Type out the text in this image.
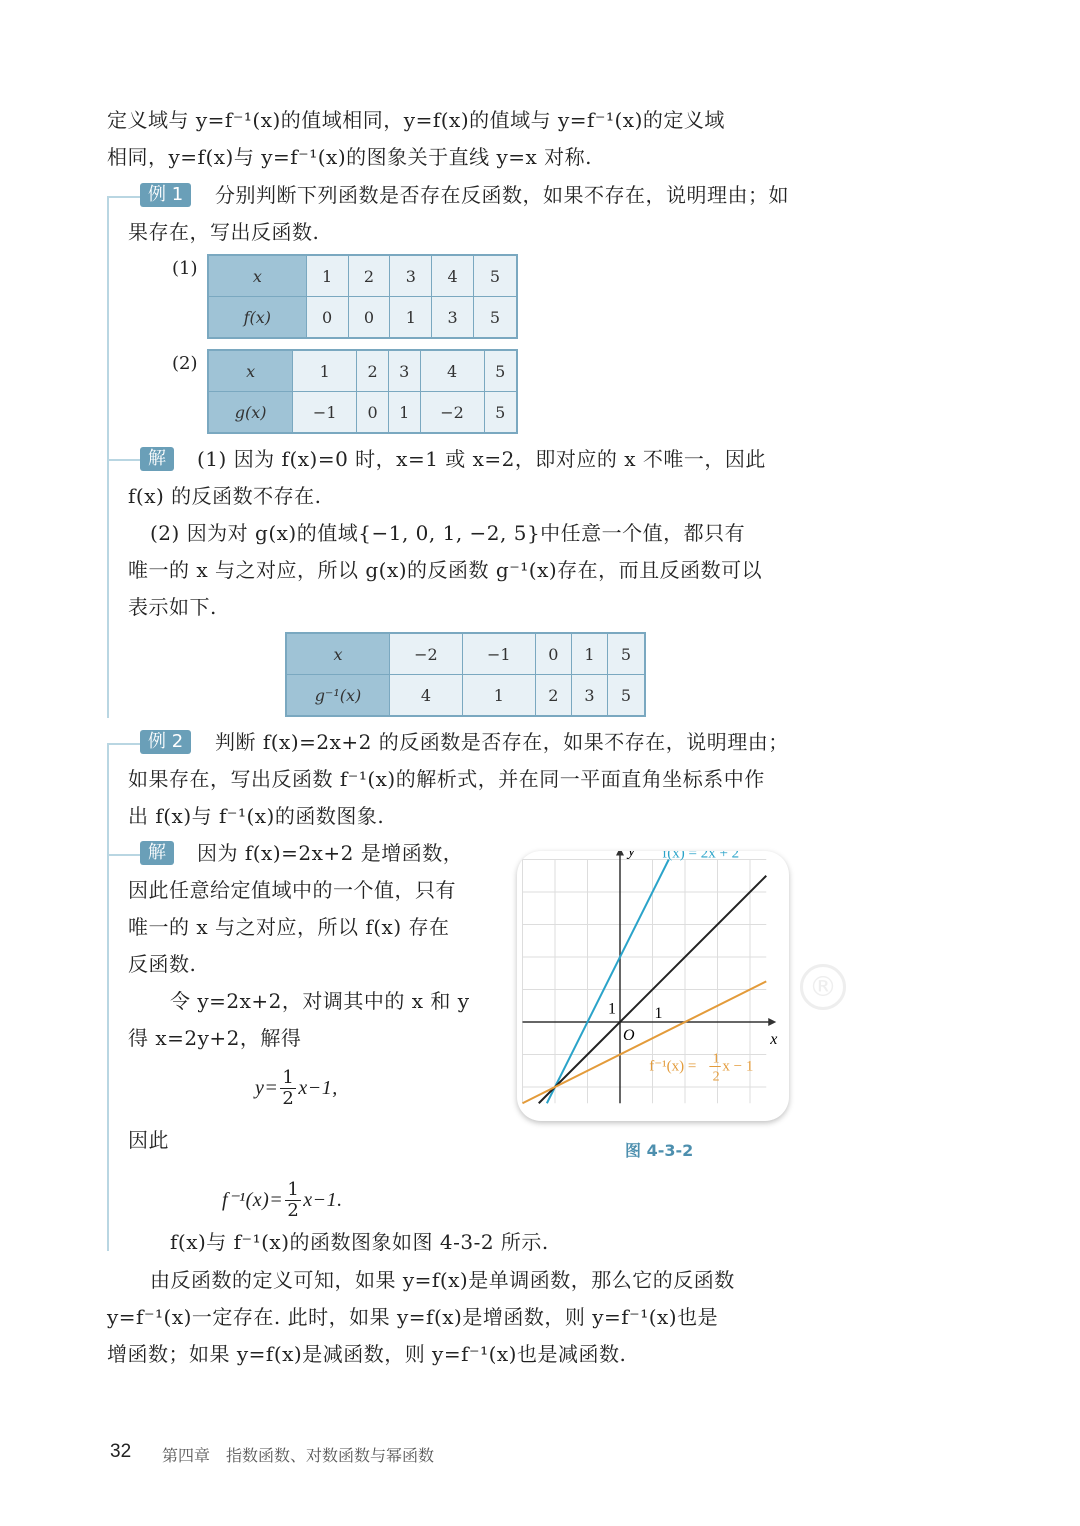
定义域与 y=f⁻¹(x)的值域相同，y=f(x)的值域与 y=f⁻¹(x)的定义域
相同，y=f(x)与 y=f⁻¹(x)的图象关于直线 y=x 对称.
例 1	分别判断下列函数是否存在反函数，如果不存在，说明理由；如
果存在，写出反函数.
(1)	x	1	2	3	4	5
f(x)	0	0	1	3	5
(2)	x	1	2	3	4	5
g(x)	−1	0	1	−2	5
解	(1) 因为 f(x)=0 时，x=1 或 x=2，即对应的 x 不唯一，因此
f(x) 的反函数不存在.
(2) 因为对 g(x)的值域{−1, 0, 1, −2, 5}中任意一个值，都只有
唯一的 x 与之对应，所以 g(x)的反函数 g⁻¹(x)存在，而且反函数可以
表示如下.
x	−2	−1	0	1	5
g⁻¹(x)	4	1	2	3	5
例 2	判断 f(x)=2x+2 的反函数是否存在，如果不存在，说明理由；
如果存在，写出反函数 f⁻¹(x)的解析式，并在同一平面直角坐标系中作
出 f(x)与 f⁻¹(x)的函数图象.
解	因为 f(x)=2x+2 是增函数，
因此任意给定值域中的一个值，只有
唯一的 x 与之对应，所以 f(x) 存在
反函数.
令 y=2x+2，对调其中的 x 和 y
得 x=2y+2，解得
$y= \frac{1}{2} x-1$,
因此
$f^{-1}(x)= \frac{1}{2} x-1$.
f(x)与 f⁻¹(x)的函数图象如图 4-3-2 所示.
y
x
O
1
1
f(x) = 2x + 2
f⁻¹(x) = 1
2
x − 1
®
图 4-3-2
由反函数的定义可知，如果 y=f(x)是单调函数，那么它的反函数
y=f⁻¹(x)一定存在. 此时，如果 y=f(x)是增函数，则 y=f⁻¹(x)也是
增函数；如果 y=f(x)是减函数，则 y=f⁻¹(x)也是减函数.
32 第四章　指数函数、对数函数与幂函数
